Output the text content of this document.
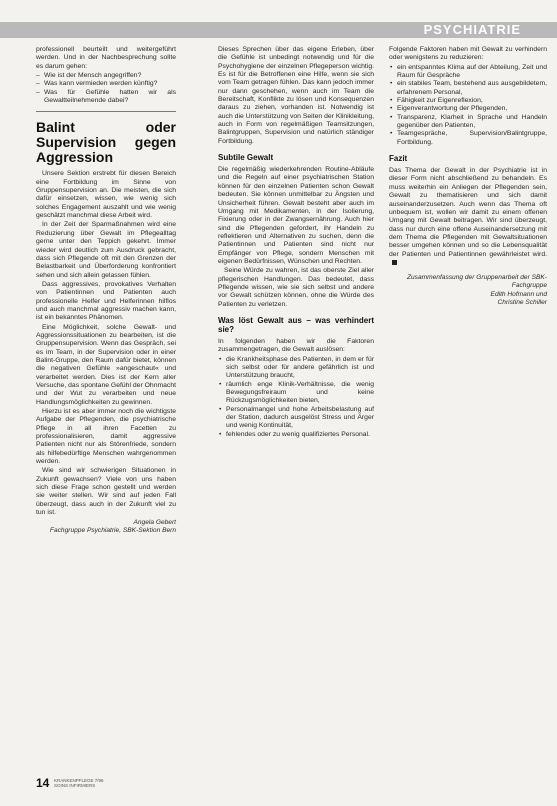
PSYCHIATRIE

professionell beurteilt und weitergeführt werden. Und in der Nachbesprechung sollte es darum gehen:

– Wie ist der Mensch angegriffen?
– Was kann vermieden werden künftig?
– Was für Gefühle hatten wir als Gewaltteilnehmende dabei?
Balint oder Supervision gegen Aggression

Unsere Sektion erstrebt für diesen Bereich eine Fortbildung im Sinne von Gruppensupervision an. Die meisten, die sich dafür einsetzen, wissen, wie wenig sich solches Engagement auszahlt und wie wenig geschätzt manchmal diese Arbeit wird.

In der Zeit der Sparmaßnahmen wird eine Reduzierung über Gewalt im Pflegealltag gerne unter den Teppich gekehrt. Immer wieder wird deutlich zum Ausdruck gebracht, dass sich Pflegende oft mit den Grenzen der Belastbarkeit und Überforderung konfrontiert sehen und sich allein gelassen fühlen.

Dass aggressives, provokatives Verhalten von Patientinnen und Patienten auch professionelle Helfer und Helferinnen hilflos und auch manchmal aggressiv machen kann, ist ein bekanntes Phänomen.

Eine Möglichkeit, solche Gewalt- und Aggressionssituationen zu bearbeiten, ist die Gruppensupervision. Wenn das Gespräch, sei es im Team, in der Supervision oder in einer Balint-Gruppe, den Raum dafür bietet, können die negativen Gefühle »angeschaut« und verarbeitet werden. Dies ist der Kern aller Versuche, das spontane Gefühl der Ohnmacht und der Wut zu verarbeiten und neue Handlungsmöglichkeiten zu gewinnen.

Hierzu ist es aber immer noch die wichtigste Aufgabe der Pflegenden, die psychiatrische Pflege in all ihren Facetten zu professionalisieren, damit aggressive Patienten nicht nur als Störenfriede, sondern als hilfebedürftige Menschen wahrgenommen werden.

Wie sind wir schwierigen Situationen in Zukunft gewachsen? Viele von uns haben sich diese Frage schon gestellt und werden sie weiter stellen. Wir sind auf jeden Fall überzeugt, dass auch in der Zukunft viel zu tun ist.

Angela Gebert
Fachgruppe Psychiatrie, SBK-Sektion Bern

Dieses Sprechen über das eigene Erleben, über die Gefühle ist unbedingt notwendig und für die Psychohygiene der einzelnen Pflegeperson wichtig. Es ist für die Betroffenen eine Hilfe, wenn sie sich vom Team getragen fühlen. Das kann jedoch immer nur dann geschehen, wenn auch im Team die Bereitschaft, Konflikte zu lösen und Konsequenzen daraus zu ziehen, vorhanden ist. Notwendig ist auch die Unterstützung von Seiten der Klinikleitung, auch in Form von regelmäßigen Teamsitzungen, Balintgruppen, Supervision und natürlich ständiger Fortbildung.

Subtile Gewalt

Die regelmäßig wiederkehrenden Routine-Abläufe und die Regeln auf einer psychiatrischen Station können für den einzelnen Patienten schon Gewalt bedeuten. Sie können unmittelbar zu Ängsten und Unsicherheit führen. Gewalt besteht aber auch im Umgang mit Medikamenten, in der Isolierung, Fixierung oder in der Zwangsernährung. Auch hier sind die Pflegenden gefordert, ihr Handeln zu reflektieren und Alternativen zu suchen, denn die Patientinnen und Patienten sind nicht nur Empfänger von Pflege, sondern Menschen mit eigenen Bedürfnissen, Wünschen und Rechten.

Seine Würde zu wahren, ist das oberste Ziel aller pflegerischen Handlungen. Das bedeutet, dass Pflegende wissen, wie sie sich selbst und andere vor Gewalt schützen können, ohne die Würde des Patienten zu verletzen.

Was löst Gewalt aus – was verhindert sie?

In folgenden haben wir die Faktoren zusammengetragen, die Gewalt auslösen:

• die Krankheitsphase des Patienten, in dem er für sich selbst oder für andere gefährlich ist und Unterstützung braucht,
• räumlich enge Klinik-Verhältnisse, die wenig Bewegungsfreiraum und keine Rückzugsmöglichkeiten bieten,
• Personalmangel und hohe Arbeitsbelastung auf der Station, dadurch ausgelöst Stress und Ärger und wenig Kontinuität,
• fehlendes oder zu wenig qualifiziertes Personal.

Folgende Faktoren haben mit Gewalt zu verhindern oder wenigstens zu reduzieren:

• ein entspanntes Klima auf der Abteilung, Zeit und Raum für Gespräche
• ein stabiles Team, bestehend aus ausgebildetem, erfahrenem Personal,
• Fähigkeit zur Eigenreflexion,
• Eigenverantwortung der Pflegenden,
• Transparenz, Klarheit in Sprache und Handeln gegenüber den Patienten,
• Teamgespräche, Supervision/Balintgruppe, Fortbildung.
Fazit

Das Thema der Gewalt in der Psychiatrie ist in dieser Form nicht abschließend zu behandeln. Es muss weiterhin ein Anliegen der Pflegenden sein, Gewalt zu thematisieren und sich damit auseinanderzusetzen. Auch wenn das Thema oft unbequem ist, wollen wir damit zu einem offenen Umgang mit Gewalt beitragen. Wir sind überzeugt, dass nur durch eine offene Auseinandersetzung mit dem Thema die Pflegenden mit Gewaltsituationen besser umgehen können und so die Lebensqualität der Patienten und Patientinnen gewährleistet wird.

Zusammenfassung der Gruppenarbeit der SBK-Fachgruppe
Edith Hofmann und
Christine Schiller
14 KRANKENPFLEGE 7/96
SOINS INFIRMIERS
